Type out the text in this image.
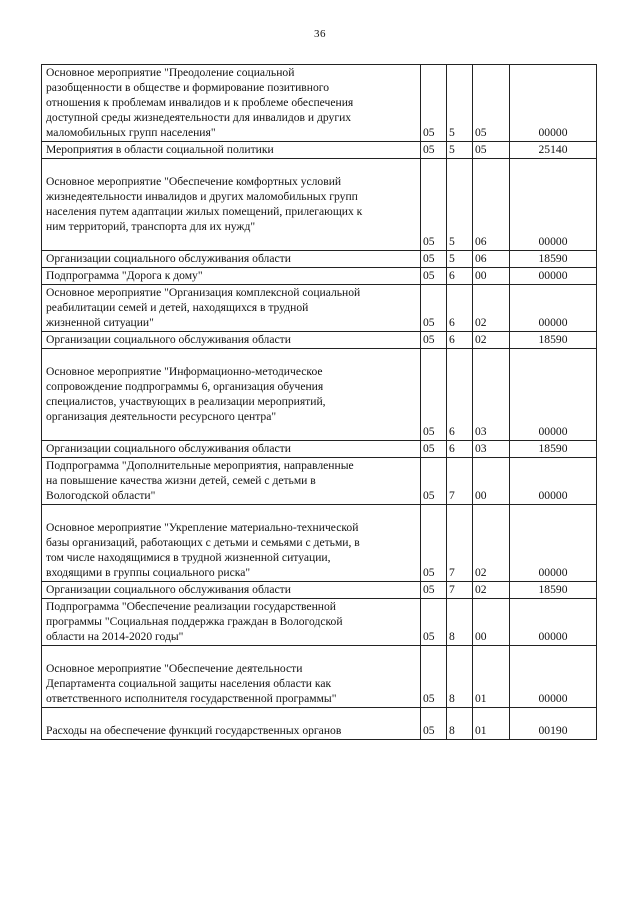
36
Основное мероприятие "Преодоление социальной
разобщенности в обществе и формирование позитивного
отношения к проблемам инвалидов и к проблеме обеспечения
доступной среды жизнедеятельности для инвалидов и других
маломобильных групп населения"	05	5	05	00000

Мероприятия в области социальной политики	05	5	05	25140

Основное мероприятие "Обеспечение комфортных условий
жизнедеятельности инвалидов и других маломобильных групп
населения путем адаптации жилых помещений, прилегающих к
ним территорий, транспорта для их нужд"	05	5	06	00000

Организации социального обслуживания области	05	5	06	18590

Подпрограмма "Дорога к дому"	05	6	00	00000

Основное мероприятие "Организация комплексной социальной
реабилитации семей и детей, находящихся в трудной
жизненной ситуации"	05	6	02	00000

Организации социального обслуживания области	05	6	02	18590

Основное мероприятие "Информационно-методическое
сопровождение подпрограммы 6, организация обучения
специалистов, участвующих в реализации мероприятий,
организация деятельности ресурсного центра"	05	6	03	00000

Организации социального обслуживания области	05	6	03	18590

Подпрограмма "Дополнительные мероприятия, направленные
на повышение качества жизни детей, семей с детьми в
Вологодской области"	05	7	00	00000

Основное мероприятие "Укрепление материально-технической
базы организаций, работающих с детьми и семьями с детьми, в
том числе находящимися в трудной жизненной ситуации,
входящими в группы социального риска"	05	7	02	00000

Организации социального обслуживания области	05	7	02	18590

Подпрограмма "Обеспечение реализации государственной
программы "Социальная поддержка граждан в Вологодской
области на 2014-2020 годы"	05	8	00	00000

Основное мероприятие "Обеспечение деятельности
Департамента социальной защиты населения области как
ответственного исполнителя государственной программы"	05	8	01	00000

Расходы на обеспечение функций государственных органов	05	8	01	00190
